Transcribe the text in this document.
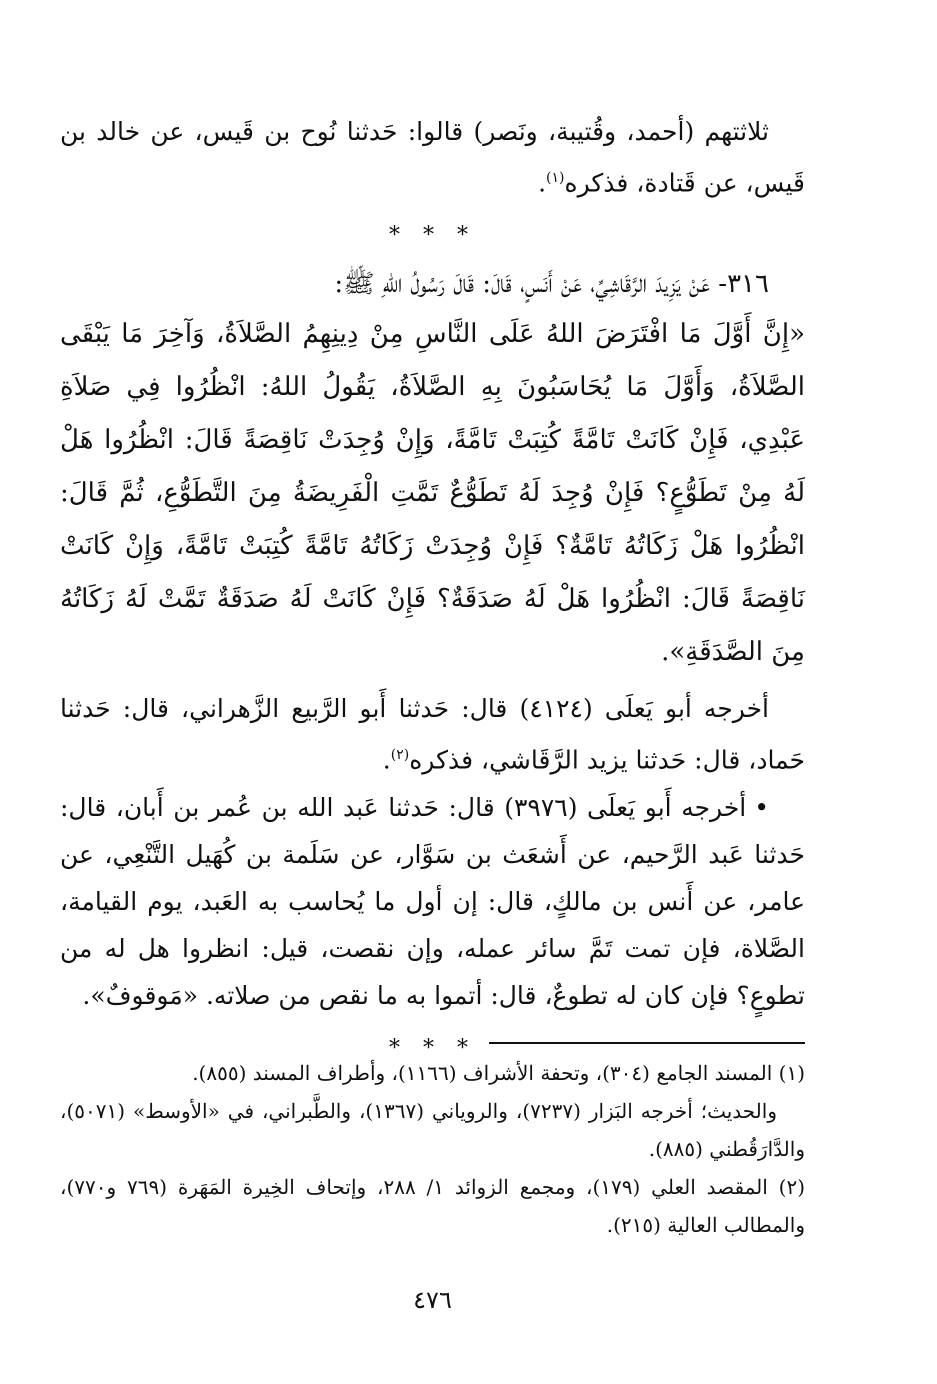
ثلاثتهم (أحمد، وقُتيبة، ونَصر) قالوا: حَدثنا نُوح بن قَيس، عن خالد بن قَيس، عن قَتادة، فذكره$^{(١)}$.

* * *

٣١٦- عَنْ يَزِيدَ الرَّقَاشِيِّ، عَنْ أَنَسٍ، قَالَ: قَالَ رَسُولُ اللهِ ﷺ:

«إِنَّ أَوَّلَ مَا افْتَرَضَ اللهُ عَلَى النَّاسِ مِنْ دِينِهِمُ الصَّلاَةُ، وَآخِرَ مَا يَبْقَى الصَّلاَةُ، وَأَوَّلَ مَا يُحَاسَبُونَ بِهِ الصَّلاَةُ، يَقُولُ اللهُ: انْظُرُوا فِي صَلاَةِ عَبْدِي، فَإِنْ كَانَتْ تَامَّةً كُتِبَتْ تَامَّةً، وَإِنْ وُجِدَتْ نَاقِصَةً قَالَ: انْظُرُوا هَلْ لَهُ مِنْ تَطَوُّعٍ؟ فَإِنْ وُجِدَ لَهُ تَطَوُّعٌ تَمَّتِ الْفَرِيضَةُ مِنَ التَّطَوُّعِ، ثُمَّ قَالَ: انْظُرُوا هَلْ زَكَاتُهُ تَامَّةٌ؟ فَإِنْ وُجِدَتْ زَكَاتُهُ تَامَّةً كُتِبَتْ تَامَّةً، وَإِنْ كَانَتْ نَاقِصَةً قَالَ: انْظُرُوا هَلْ لَهُ صَدَقَةٌ؟ فَإِنْ كَانَتْ لَهُ صَدَقَةٌ تَمَّتْ لَهُ زَكَاتُهُ مِنَ الصَّدَقَةِ».

أخرجه أبو يَعلَى (٤١٢٤) قال: حَدثنا أَبو الرَّبيع الزَّهراني، قال: حَدثنا حَماد، قال: حَدثنا يزيد الرَّقَاشي، فذكره$^{(٢)}$.

•أخرجه أَبو يَعلَى (٣٩٧٦) قال: حَدثنا عَبد الله بن عُمر بن أَبان، قال: حَدثنا عَبد الرَّحيم، عن أَشعَث بن سَوَّار، عن سَلَمة بن كُهَيل التَّنْعِي، عن عامر، عن أَنس بن مالكٍ، قال: إن أول ما يُحاسب به العَبد، يوم القيامة، الصَّلاة، فإن تمت تَمَّ سائر عمله، وإن نقصت، قيل: انظروا هل له من تطوعٍ؟ فإن كان له تطوعٌ، قال: أتموا به ما نقص من صلاته. «مَوقوفٌ».

* * *

(١) المسند الجامع (٣٠٤)، وتحفة الأشراف (١١٦٦)، وأطراف المسند (٨٥٥).

والحديث؛ أخرجه البَزار (٧٢٣٧)، والروياني (١٣٦٧)، والطَّبراني، في «الأوسط» (٥٠٧١)، والدَّارَقُطني (٨٨٥).

(٢) المقصد العلي (١٧٩)، ومجمع الزوائد ١/ ٢٨٨، وإتحاف الخِيرة المَهَرة (٧٦٩ و٧٧٠)، والمطالب العالية (٢١٥).

٤٧٦
